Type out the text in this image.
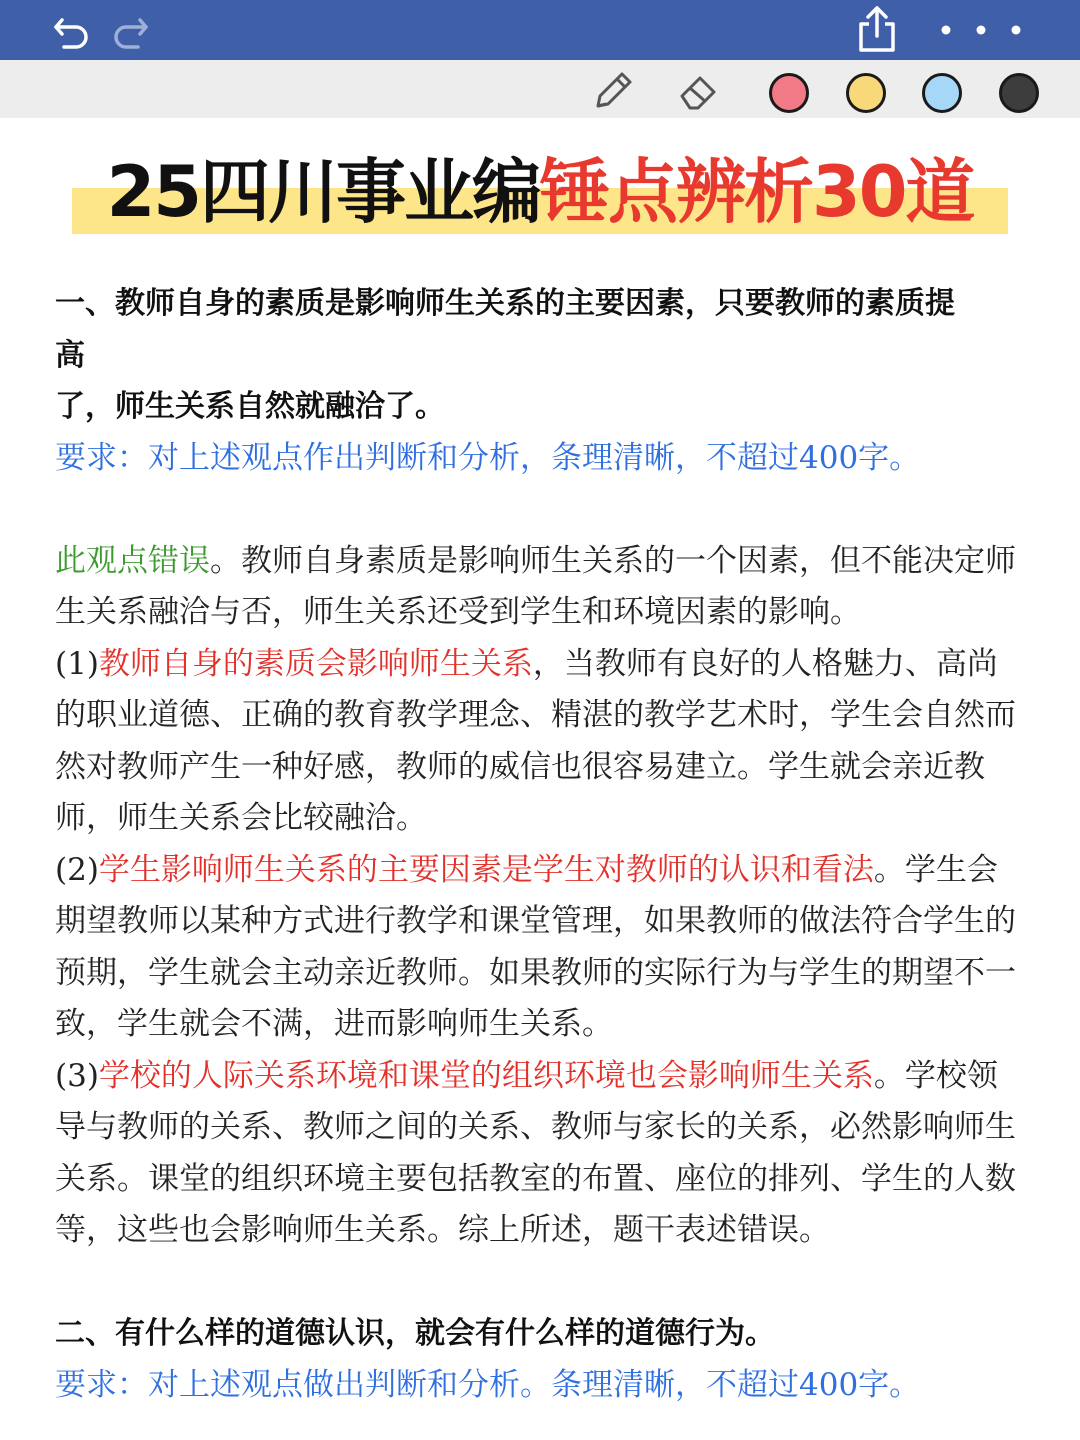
25四川事业编锤点辨析30道

一、教师自身的素质是影响师生关系的主要因素，只要教师的素质提

高

了，师生关系自然就融洽了。

要求：对上述观点作出判断和分析，条理清晰，不超过400字。

此观点错误。教师自身素质是影响师生关系的一个因素，但不能决定师生关系融洽与否，师生关系还受到学生和环境因素的影响。

(1)教师自身的素质会影响师生关系，当教师有良好的人格魅力、高尚的职业道德、正确的教育教学理念、精湛的教学艺术时，学生会自然而然对教师产生一种好感，教师的威信也很容易建立。学生就会亲近教师，师生关系会比较融洽。

(2)学生影响师生关系的主要因素是学生对教师的认识和看法。学生会期望教师以某种方式进行教学和课堂管理，如果教师的做法符合学生的预期，学生就会主动亲近教师。如果教师的实际行为与学生的期望不一致，学生就会不满，进而影响师生关系。

(3)学校的人际关系环境和课堂的组织环境也会影响师生关系。学校领导与教师的关系、教师之间的关系、教师与家长的关系，必然影响师生关系。课堂的组织环境主要包括教室的布置、座位的排列、学生的人数等，这些也会影响师生关系。综上所述，题干表述错误。

二、有什么样的道德认识，就会有什么样的道德行为。

要求：对上述观点做出判断和分析。条理清晰，不超过400字。
